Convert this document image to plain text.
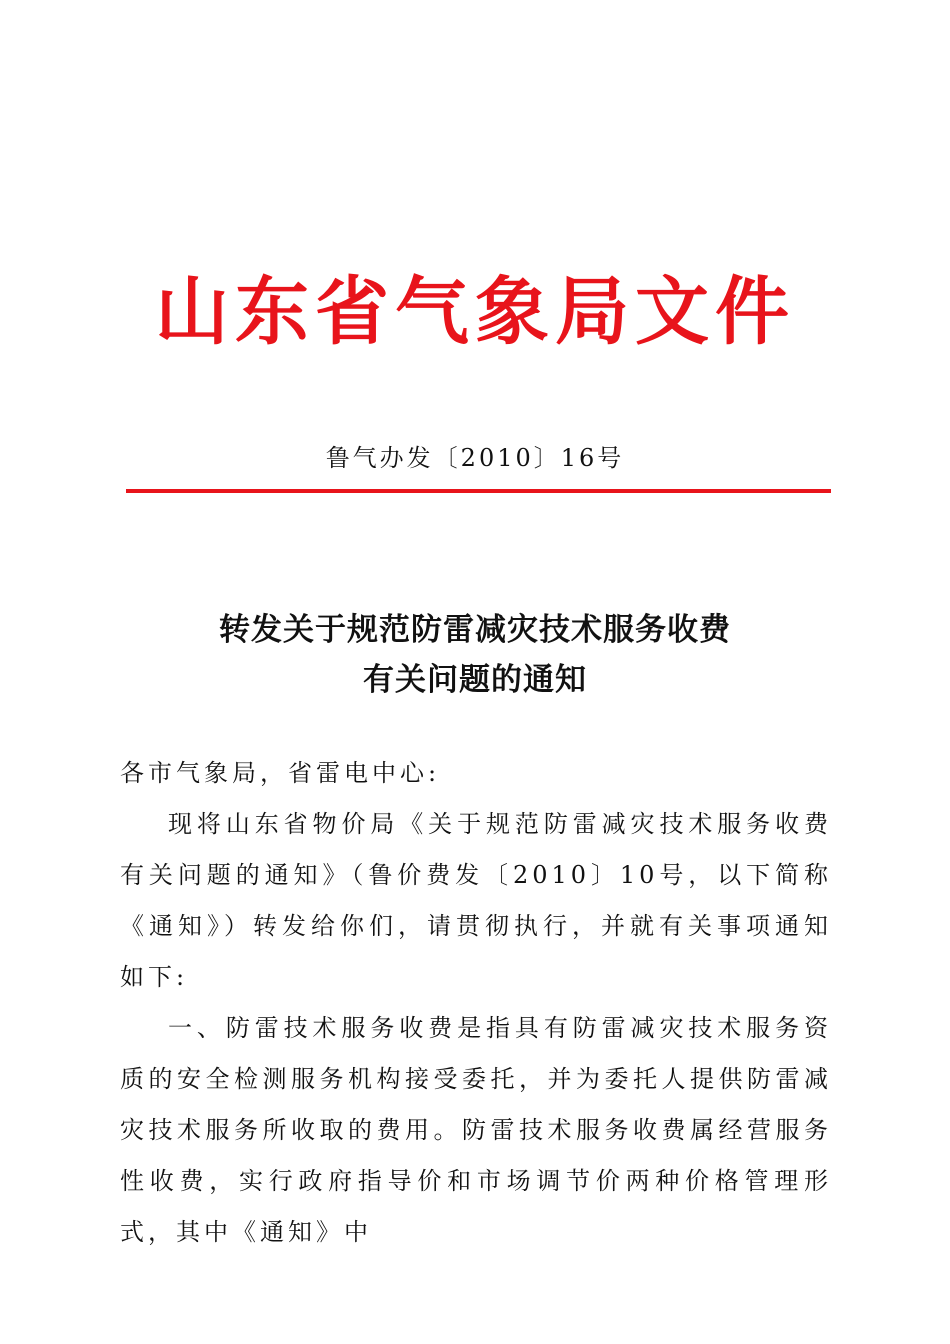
山东省气象局文件
鲁气办发〔2010〕16号
转发关于规范防雷减灾技术服务收费
有关问题的通知

各市气象局，省雷电中心:

现将山东省物价局《关于规范防雷减灾技术服务收费有关问题的通知》（鲁价费发〔2010〕10号，以下简称《通知》）转发给你们，请贯彻执行，并就有关事项通知如下:

一、防雷技术服务收费是指具有防雷减灾技术服务资质的安全检测服务机构接受委托，并为委托人提供防雷减灾技术服务所收取的费用。防雷技术服务收费属经营服务性收费，实行政府指导价和市场调节价两种价格管理形式，其中《通知》中
